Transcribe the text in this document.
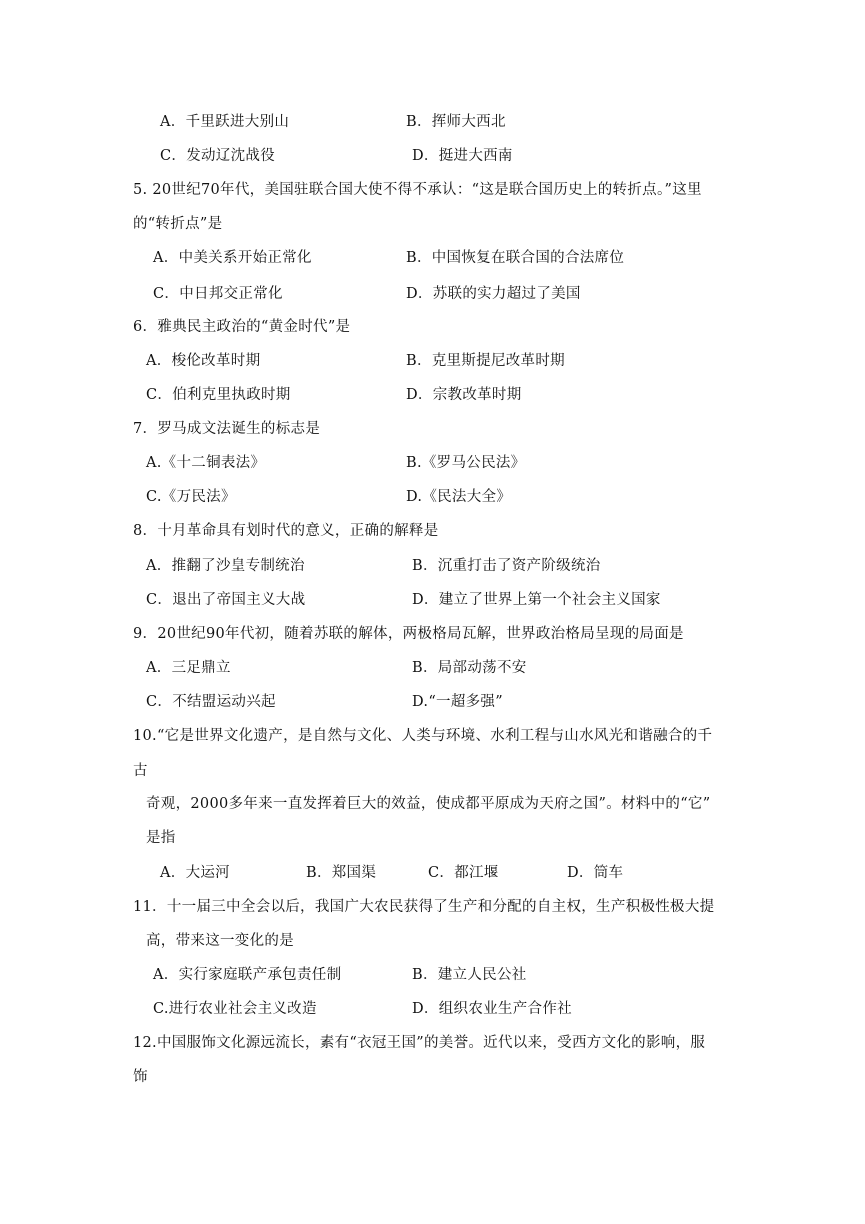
A．千里跃进大别山	B．挥师大西北
C．发动辽沈战役	D．挺进大西南
5. 20世纪70年代，美国驻联合国大使不得不承认：“这是联合国历史上的转折点。”这里
的“转折点”是
A．中美关系开始正常化	B．中国恢复在联合国的合法席位
C．中日邦交正常化	D．苏联的实力超过了美国
6．雅典民主政治的“黄金时代”是
A．梭伦改革时期	B．克里斯提尼改革时期
C．伯利克里执政时期	D．宗教改革时期
7．罗马成文法诞生的标志是
A.《十二铜表法》	B.《罗马公民法》
C.《万民法》	D.《民法大全》
8．十月革命具有划时代的意义，正确的解释是
A．推翻了沙皇专制统治	B．沉重打击了资产阶级统治
C．退出了帝国主义大战	D．建立了世界上第一个社会主义国家
9．20世纪90年代初，随着苏联的解体，两极格局瓦解，世界政治格局呈现的局面是
A．三足鼎立	B．局部动荡不安
C．不结盟运动兴起	D.“一超多强”
10.“它是世界文化遗产，是自然与文化、人类与环境、水利工程与山水风光和谐融合的千
古
奇观，2000多年来一直发挥着巨大的效益，使成都平原成为天府之国”。材料中的“它”
是指
A．大运河	B．郑国渠	C．都江堰	D．筒车
11．十一届三中全会以后，我国广大农民获得了生产和分配的自主权，生产积极性极大提
高，带来这一变化的是
A．实行家庭联产承包责任制	B．建立人民公社
C.进行农业社会主义改造	D．组织农业生产合作社
12.中国服饰文化源远流长，素有“衣冠王国”的美誉。近代以来，受西方文化的影响，服
饰
